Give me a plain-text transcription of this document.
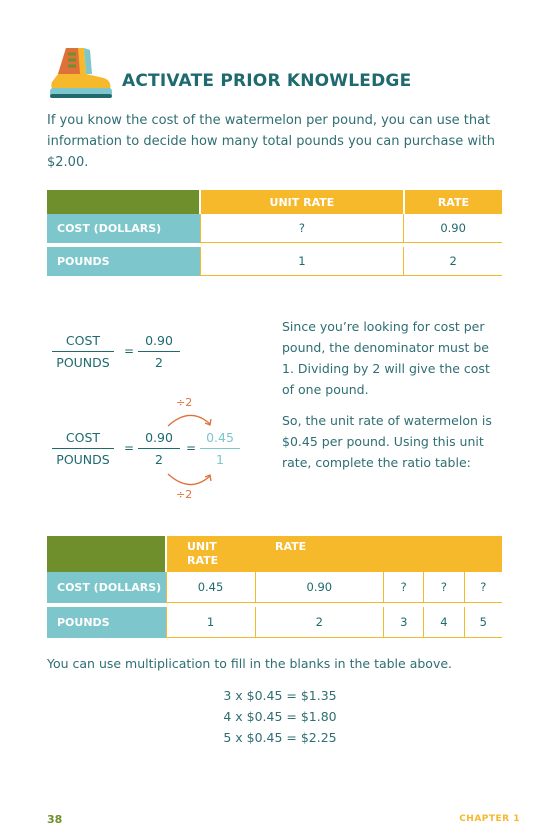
ACTIVATE PRIOR KNOWLEDGE
If you know the cost of the watermelon per pound, you can use that information to decide how many total pounds you can purchase with $2.00.
	UNIT RATE	RATE
COST (DOLLARS)	?	0.90

POUNDS	1	2
COST
POUNDS
=
0.90
2
÷2
COST
POUNDS
=
0.90
2
=
0.45
1
÷2
Since you’re looking for cost per pound, the denominator must be 1. Dividing by 2 will give the cost of one pound.
So, the unit rate of watermelon is $0.45 per pound. Using this unit rate, complete the ratio table:
	UNIT
RATE	RATE			
COST (DOLLARS)	0.45	0.90	?	?	?

POUNDS	1	2	3	4	5
You can use multiplication to fill in the blanks in the table above.
3 x $0.45 = $1.35
4 x $0.45 = $1.80
5 x $0.45 = $2.25
38	CHAPTER 1
